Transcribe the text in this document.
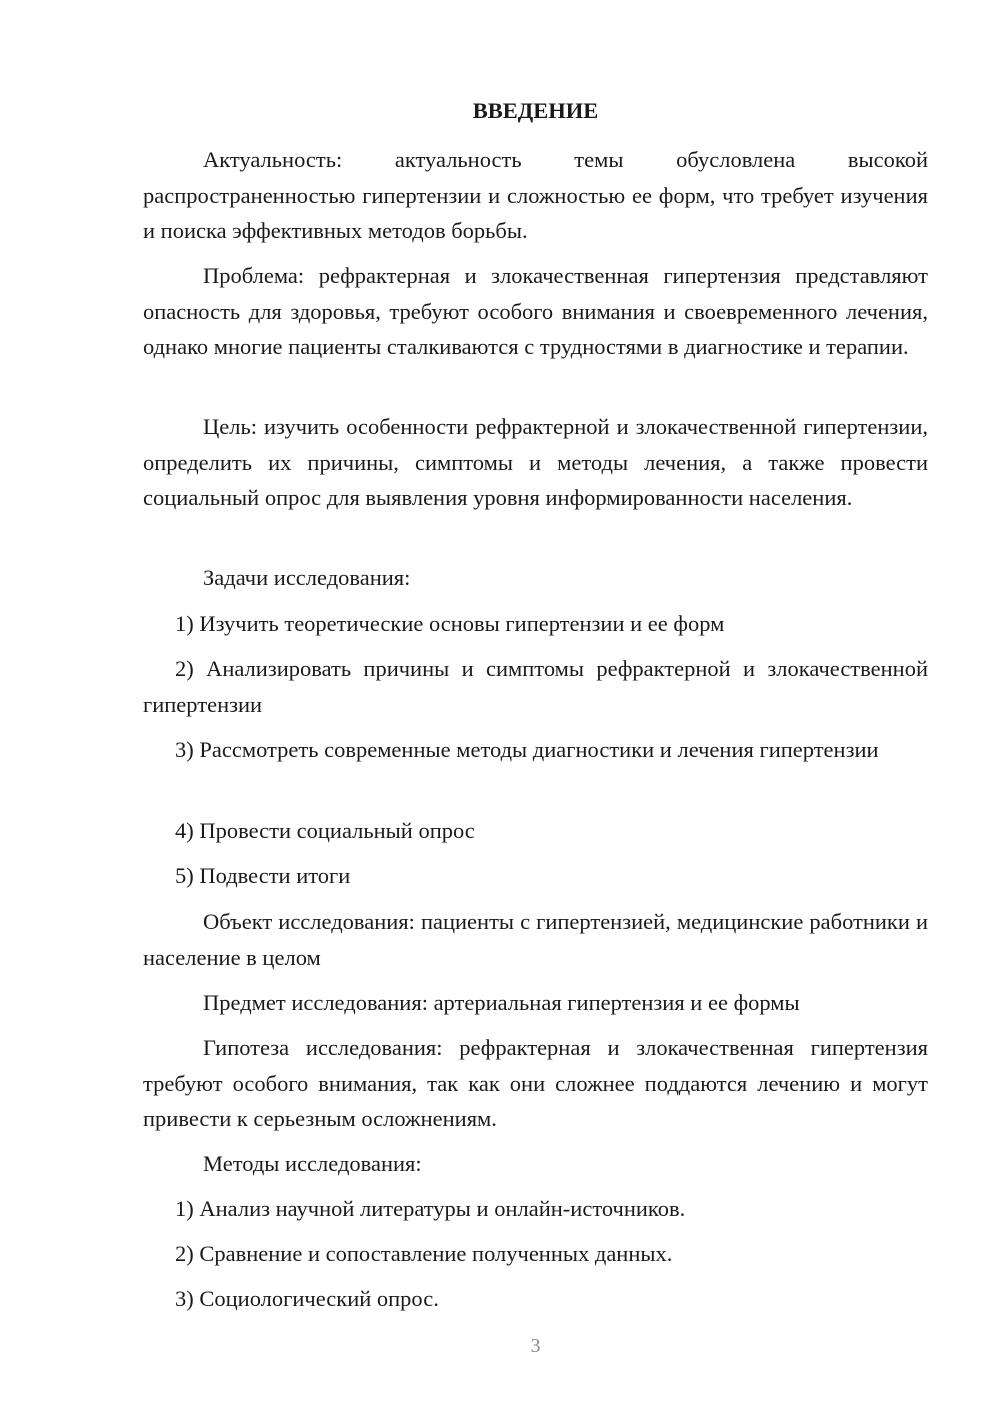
ВВЕДЕНИЕ

Актуальность: актуальность темы обусловлена высокой распространенностью гипертензии и сложностью ее форм, что требует изучения и поиска эффективных методов борьбы.

Проблема: рефрактерная и злокачественная гипертензия представляют опасность для здоровья, требуют особого внимания и своевременного лечения, однако многие пациенты сталкиваются с трудностями в диагностике и терапии.

Цель: изучить особенности рефрактерной и злокачественной гипертензии, определить их причины, симптомы и методы лечения, а также провести социальный опрос для выявления уровня информированности населения.

Задачи исследования:

1) Изучить теоретические основы гипертензии и ее форм

2) Анализировать причины и симптомы рефрактерной и злокачественной гипертензии

3) Рассмотреть современные методы диагностики и лечения гипертензии

4) Провести социальный опрос

5) Подвести итоги

Объект исследования: пациенты с гипертензией, медицинские работники и население в целом

Предмет исследования: артериальная гипертензия и ее формы

Гипотеза исследования: рефрактерная и злокачественная гипертензия требуют особого внимания, так как они сложнее поддаются лечению и могут привести к серьезным осложнениям.

Методы исследования:

1) Анализ научной литературы и онлайн-источников.

2) Сравнение и сопоставление полученных данных.

3) Социологический опрос.

3
